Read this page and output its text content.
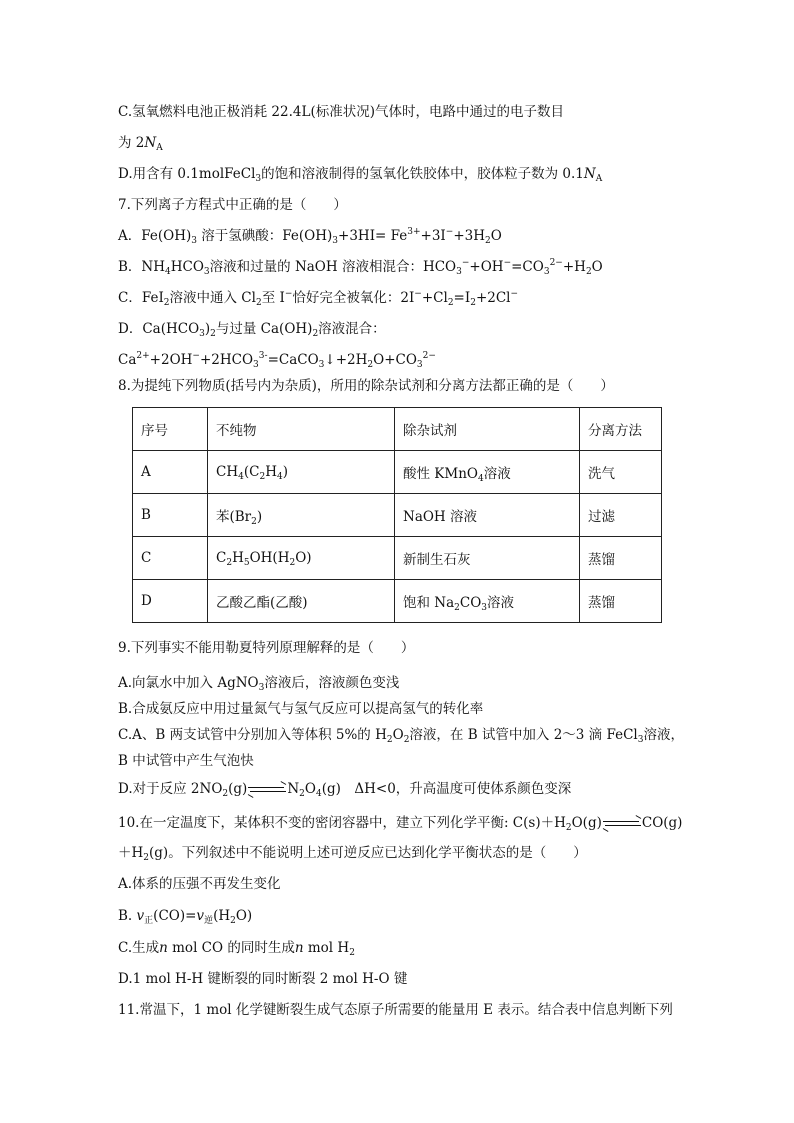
C.氢氧燃料电池正极消耗 22.4L(标准状况)气体时，电路中通过的电子数目
为 $2N_A$
D.用含有 0.1molFeCl$_3$的饱和溶液制得的氢氧化铁胶体中，胶体粒子数为 $0.1N_A$
7.下列离子方程式中正确的是（　　）
A．$Fe(OH)_3$ 溶于氢碘酸：$Fe(OH)_3+3HI= Fe^{3+}+3I^-+3H_2O$
B．$NH_4HCO_3$溶液和过量的 NaOH 溶液相混合：$HCO_3^-+OH^-=CO_3^{2-}+H_2O$
C．FeI$_2$溶液中通入 $Cl_2$至 I−恰好完全被氧化：$2I^-+Cl_2=I_2+2Cl^-$
D．$Ca(HCO_3)_2$与过量 $Ca(OH)_2$溶液混合：
$Ca^{2+}+2OH^-+2HCO_3^{3-}=CaCO_3↓+2H_2O+CO_3^{2-}$
8.为提纯下列物质(括号内为杂质)，所用的除杂试剂和分离方法都正确的是（　　）
序号	不纯物	除杂试剂	分离方法
A	$CH_4(C_2H_4)$	酸性 KMnO$_4$溶液	洗气
B	苯$(Br_2)$	NaOH 溶液	过滤
C	$C_2H_5OH(H_2O)$	新制生石灰	蒸馏
D	乙酸乙酯(乙酸)	饱和 $Na_2CO_3$溶液	蒸馏
9.下列事实不能用勒夏特列原理解释的是（　　）
A.向氯水中加入 AgNO$_3$溶液后，溶液颜色变浅
B.合成氨反应中用过量氮气与氢气反应可以提高氢气的转化率
C.A、B 两支试管中分别加入等体积 5%的 $H_2O_2$溶液，在 B 试管中加入 2～3 滴 FeCl$_3$溶液，
B 中试管中产生气泡快
D.对于反应 $2NO_2(g)$	$N_2O_4(g)$　ΔH<0，升高温度可使体系颜色变深
10.在一定温度下，某体积不变的密闭容器中，建立下列化学平衡: $C(s)+H_2O(g)$	CO(g)
$+H_2(g)$。下列叙述中不能说明上述可逆反应已达到化学平衡状态的是（　　）
A.体系的压强不再发生变化
B. $v_正(CO)=v_逆(H_2O)$
C.生成n mol CO 的同时生成n mol $H_2$
D.1 mol H-H 键断裂的同时断裂 2 mol H-O 键
11.常温下，1 mol 化学键断裂生成气态原子所需要的能量用 E 表示。结合表中信息判断下列
